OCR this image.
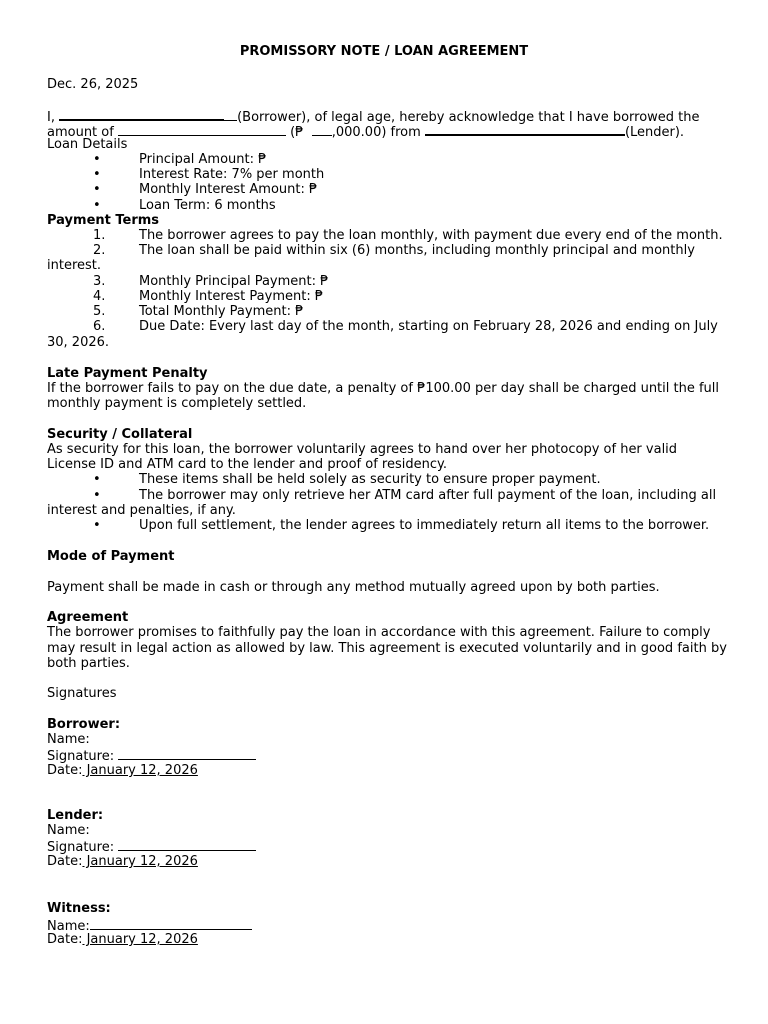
PROMISSORY NOTE / LOAN AGREEMENT
Dec. 26, 2025
I,	(Borrower), of legal age, hereby acknowledge that I have borrowed the
amount of	(₱  ,000.00) from	(Lender).
Loan Details
•	Principal Amount: ₱
•	Interest Rate: 7% per month
•	Monthly Interest Amount: ₱
•	Loan Term: 6 months
Payment Terms
1.	The borrower agrees to pay the loan monthly, with payment due every end of the month.
2.	The loan shall be paid within six (6) months, including monthly principal and monthly
interest.
3.	Monthly Principal Payment: ₱
4.	Monthly Interest Payment: ₱
5.	Total Monthly Payment: ₱
6.	Due Date: Every last day of the month, starting on February 28, 2026 and ending on July
30, 2026.
Late Payment Penalty
If the borrower fails to pay on the due date, a penalty of ₱100.00 per day shall be charged until the full
monthly payment is completely settled.
Security / Collateral
As security for this loan, the borrower voluntarily agrees to hand over her photocopy of her valid
License ID and ATM card to the lender and proof of residency.
•	These items shall be held solely as security to ensure proper payment.
•	The borrower may only retrieve her ATM card after full payment of the loan, including all
interest and penalties, if any.
•	Upon full settlement, the lender agrees to immediately return all items to the borrower.
Mode of Payment
Payment shall be made in cash or through any method mutually agreed upon by both parties.
Agreement
The borrower promises to faithfully pay the loan in accordance with this agreement. Failure to comply
may result in legal action as allowed by law. This agreement is executed voluntarily and in good faith by
both parties.
Signatures
Borrower:
Name:
Signature:
Date: January 12, 2026
Lender:
Name:
Signature:
Date: January 12, 2026
Witness:
Name:
Date: January 12, 2026
